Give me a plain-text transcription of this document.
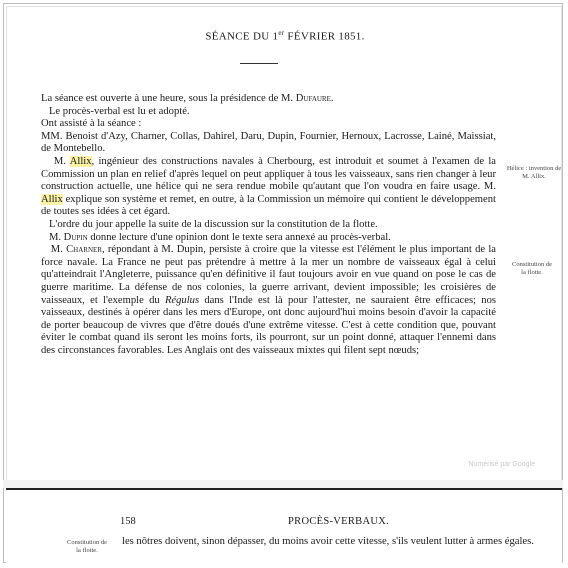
SÉANCE DU 1er FÉVRIER 1851.

La séance est ouverte à une heure, sous la présidence de M. Dufaure.

Le procès-verbal est lu et adopté.

Ont assisté à la séance :

MM. Benoist d'Azy, Charner, Collas, Dahirel, Daru, Dupin, Fournier, Hernoux, Lacrosse, Lainé, Maissiat, de Montebello.

M. Allix, ingénieur des constructions navales à Cherbourg, est introduit et soumet à l'examen de la Commission un plan en relief d'après lequel on peut appliquer à tous les vaisseaux, sans rien changer à leur construction actuelle, une hélice qui ne sera rendue mobile qu'autant que l'on voudra en faire usage. M. Allix explique son système et remet, en outre, à la Commission un mémoire qui contient le développement de toutes ses idées à cet égard.

L'ordre du jour appelle la suite de la discussion sur la constitution de la flotte.

M. Dupin donne lecture d'une opinion dont le texte sera annexé au procès-verbal.

M. Charner, répondant à M. Dupin, persiste à croire que la vitesse est l'élément le plus important de la force navale. La France ne peut pas prétendre à mettre à la mer un nombre de vaisseaux égal à celui qu'atteindrait l'Angleterre, puissance qu'en définitive il faut toujours avoir en vue quand on pose le cas de guerre maritime. La défense de nos colonies, la guerre arrivant, devient impossible; les croisières de vaisseaux, et l'exemple du Régulus dans l'Inde est là pour l'attester, ne sauraient être efficaces; nos vaisseaux, destinés à opérer dans les mers d'Europe, ont donc aujourd'hui moins besoin d'avoir la capacité de porter beaucoup de vivres que d'être doués d'une extrême vitesse. C'est à cette condition que, pouvant éviter le combat quand ils seront les moins forts, ils pourront, sur un point donné, attaquer l'ennemi dans des circonstances favorables. Les Anglais ont des vaisseaux mixtes qui filent sept nœuds;

Hélice : invention de M. Allix.
Constitution de la flotte.
Numérisé par Google
158	PROCÈS-VERBAUX.
Constitution de la flotte.
les nôtres doivent, sinon dépasser, du moins avoir cette vitesse, s'ils veulent lutter à armes égales.
